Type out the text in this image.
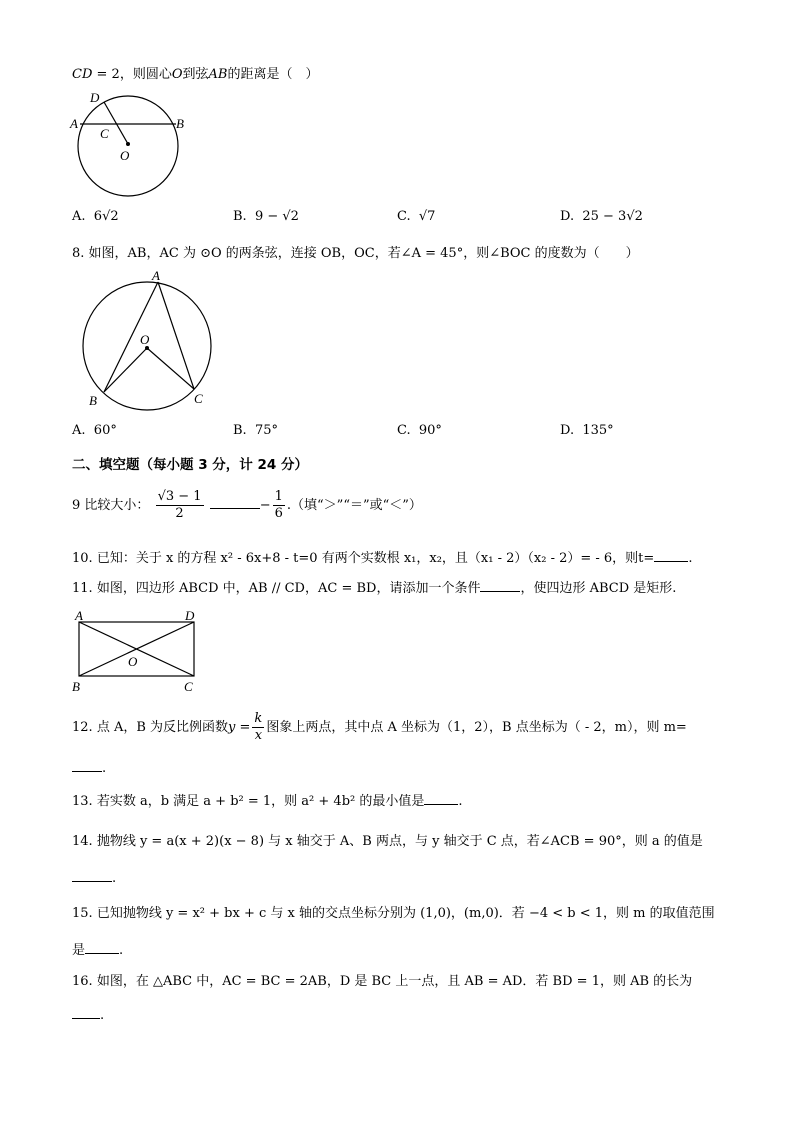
CD = 2，则圆心O到弦AB的距离是（　）
D
A	B
C
O
A. 6√2	B. 9 − √2	C. √7	D. 25 − 3√2
8. 如图，AB，AC 为 ⊙O 的两条弦，连接 OB，OC，若∠A = 45°，则∠BOC 的度数为（　　）
A
O
B	C
A. 60°	B. 75°	C. 90°	D. 135°
二、填空题（每小题 3 分，计 24 分）
9 比较大小： $\frac{√3 - 1}{2}$	− $\frac{1}{6}$ .（填“＞”“＝”或“＜”）
10. 已知：关于 x 的方程 x² - 6x+8 - t=0 有两个实数根 x₁，x₂，且（x₁ - 2）（x₂ - 2）= - 6，则t=	.
11. 如图，四边形 ABCD 中，AB // CD，AC = BD，请添加一个条件	，使四边形 ABCD 是矩形.
A	D
B	C
O
12. 点 A，B 为反比例函数$y = \frac{k}{x}$ 图象上两点，其中点 A 坐标为（1，2），B 点坐标为（ - 2，m），则 m=
.
13. 若实数 a，b 满足 a + b² = 1，则 a² + 4b² 的最小值是	.
14. 抛物线 y = a(x + 2)(x − 8) 与 x 轴交于 A、B 两点，与 y 轴交于 C 点，若∠ACB = 90°，则 a 的值是
.
15. 已知抛物线 y = x² + bx + c 与 x 轴的交点坐标分别为 (1,0)，(m,0)．若 −4 < b < 1，则 m 的取值范围
是	.
16. 如图，在 △ABC 中，AC = BC = 2AB，D 是 BC 上一点，且 AB = AD．若 BD = 1，则 AB 的长为
.
